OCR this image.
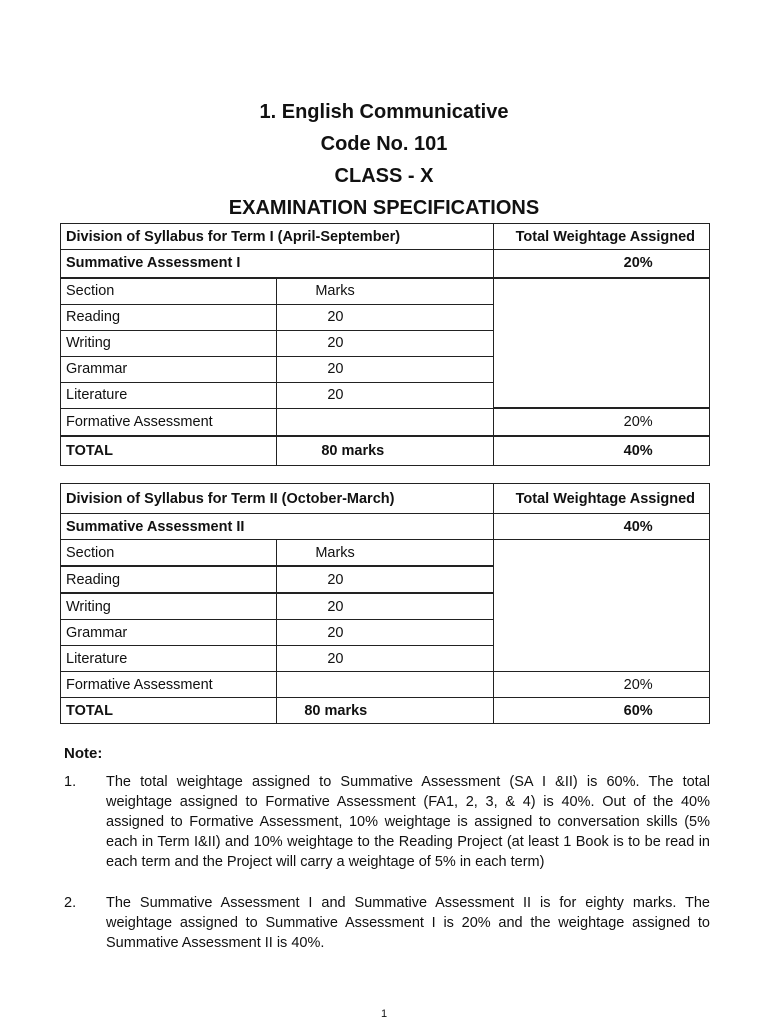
1. English Communicative
Code No. 101
CLASS - X
EXAMINATION SPECIFICATIONS
Division of Syllabus for Term I (April-September)		Total Weightage Assigned
Summative Assessment I		20%
Section	Marks	
Reading	20	
Writing	20	
Grammar	20	
Literature	20	
Formative Assessment		20%
TOTAL	80 marks	40%
Division of Syllabus for Term II (October-March)		Total Weightage Assigned
Summative Assessment II		40%
Section	Marks	
Reading	20	
Writing	20	
Grammar	20	
Literature	20	
Formative Assessment		20%
TOTAL	80 marks	60%
Note:
1. The total weightage assigned to Summative Assessment (SA I &II) is 60%. The total weightage assigned to Formative Assessment (FA1, 2, 3, & 4) is 40%. Out of the 40% assigned to Formative Assessment, 10% weightage is assigned to conversation skills (5% each in Term I&II) and 10% weightage to the Reading Project (at least 1 Book is to be read in each term and the Project will carry a weightage of 5% in each term)
2. The Summative Assessment I and Summative Assessment II is for eighty marks. The weightage assigned to Summative Assessment I is 20% and the weightage assigned to Summative Assessment II is 40%.
1
